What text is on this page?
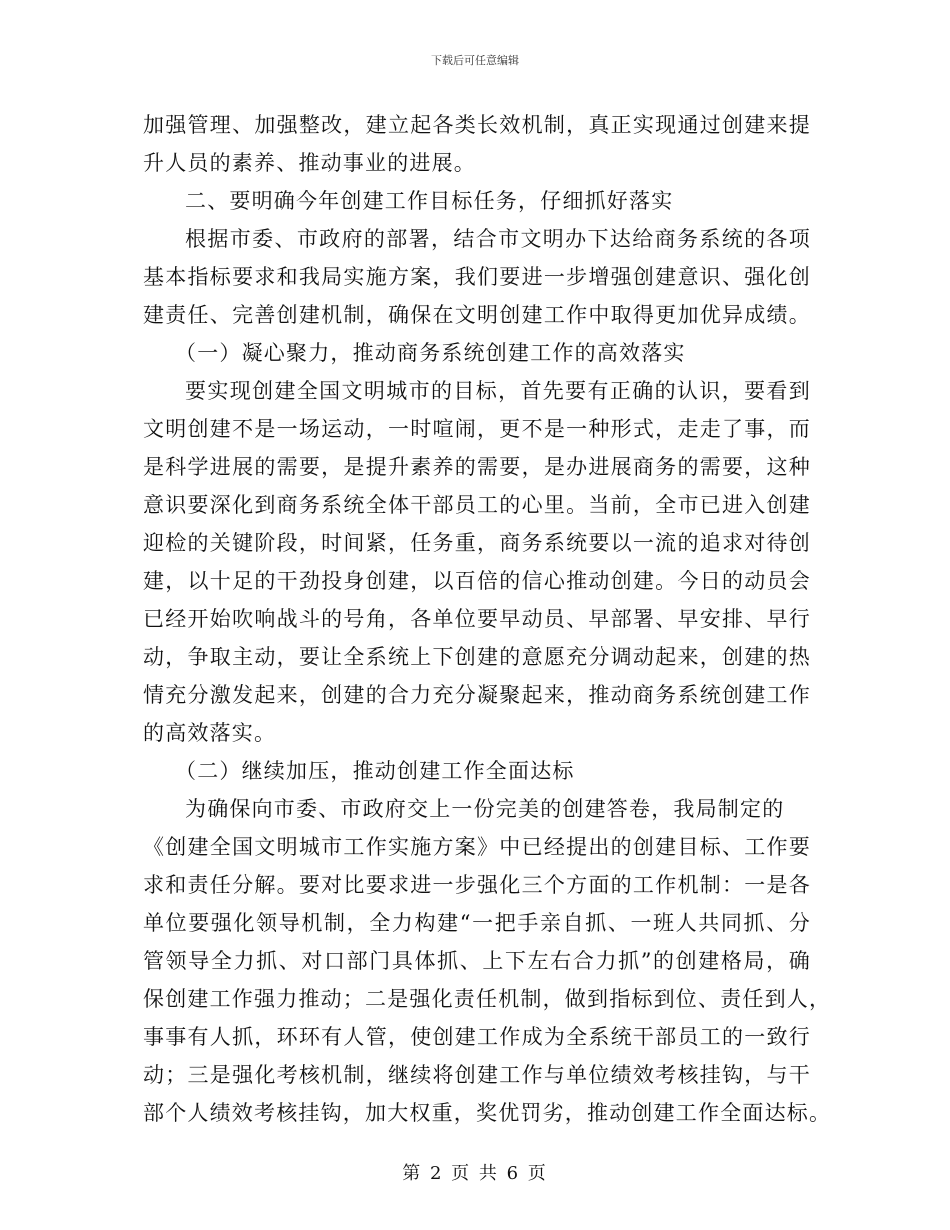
下载后可任意编辑
加强管理、加强整改，建立起各类长效机制，真正实现通过创建来提
升人员的素养、推动事业的进展。
二、要明确今年创建工作目标任务，仔细抓好落实
根据市委、市政府的部署，结合市文明办下达给商务系统的各项
基本指标要求和我局实施方案，我们要进一步增强创建意识、强化创
建责任、完善创建机制，确保在文明创建工作中取得更加优异成绩。
（一）凝心聚力，推动商务系统创建工作的高效落实
要实现创建全国文明城市的目标，首先要有正确的认识，要看到
文明创建不是一场运动，一时喧闹，更不是一种形式，走走了事，而
是科学进展的需要，是提升素养的需要，是办进展商务的需要，这种
意识要深化到商务系统全体干部员工的心里。当前，全市已进入创建
迎检的关键阶段，时间紧，任务重，商务系统要以一流的追求对待创
建，以十足的干劲投身创建，以百倍的信心推动创建。今日的动员会
已经开始吹响战斗的号角，各单位要早动员、早部署、早安排、早行
动，争取主动，要让全系统上下创建的意愿充分调动起来，创建的热
情充分激发起来，创建的合力充分凝聚起来，推动商务系统创建工作
的高效落实。
（二）继续加压，推动创建工作全面达标
为确保向市委、市政府交上一份完美的创建答卷，我局制定的
《创建全国文明城市工作实施方案》中已经提出的创建目标、工作要
求和责任分解。要对比要求进一步强化三个方面的工作机制：一是各
单位要强化领导机制，全力构建“一把手亲自抓、一班人共同抓、分
管领导全力抓、对口部门具体抓、上下左右合力抓”的创建格局，确
保创建工作强力推动；二是强化责任机制，做到指标到位、责任到人，
事事有人抓，环环有人管，使创建工作成为全系统干部员工的一致行
动；三是强化考核机制，继续将创建工作与单位绩效考核挂钩，与干
部个人绩效考核挂钩，加大权重，奖优罚劣，推动创建工作全面达标。
第 2 页 共 6 页
